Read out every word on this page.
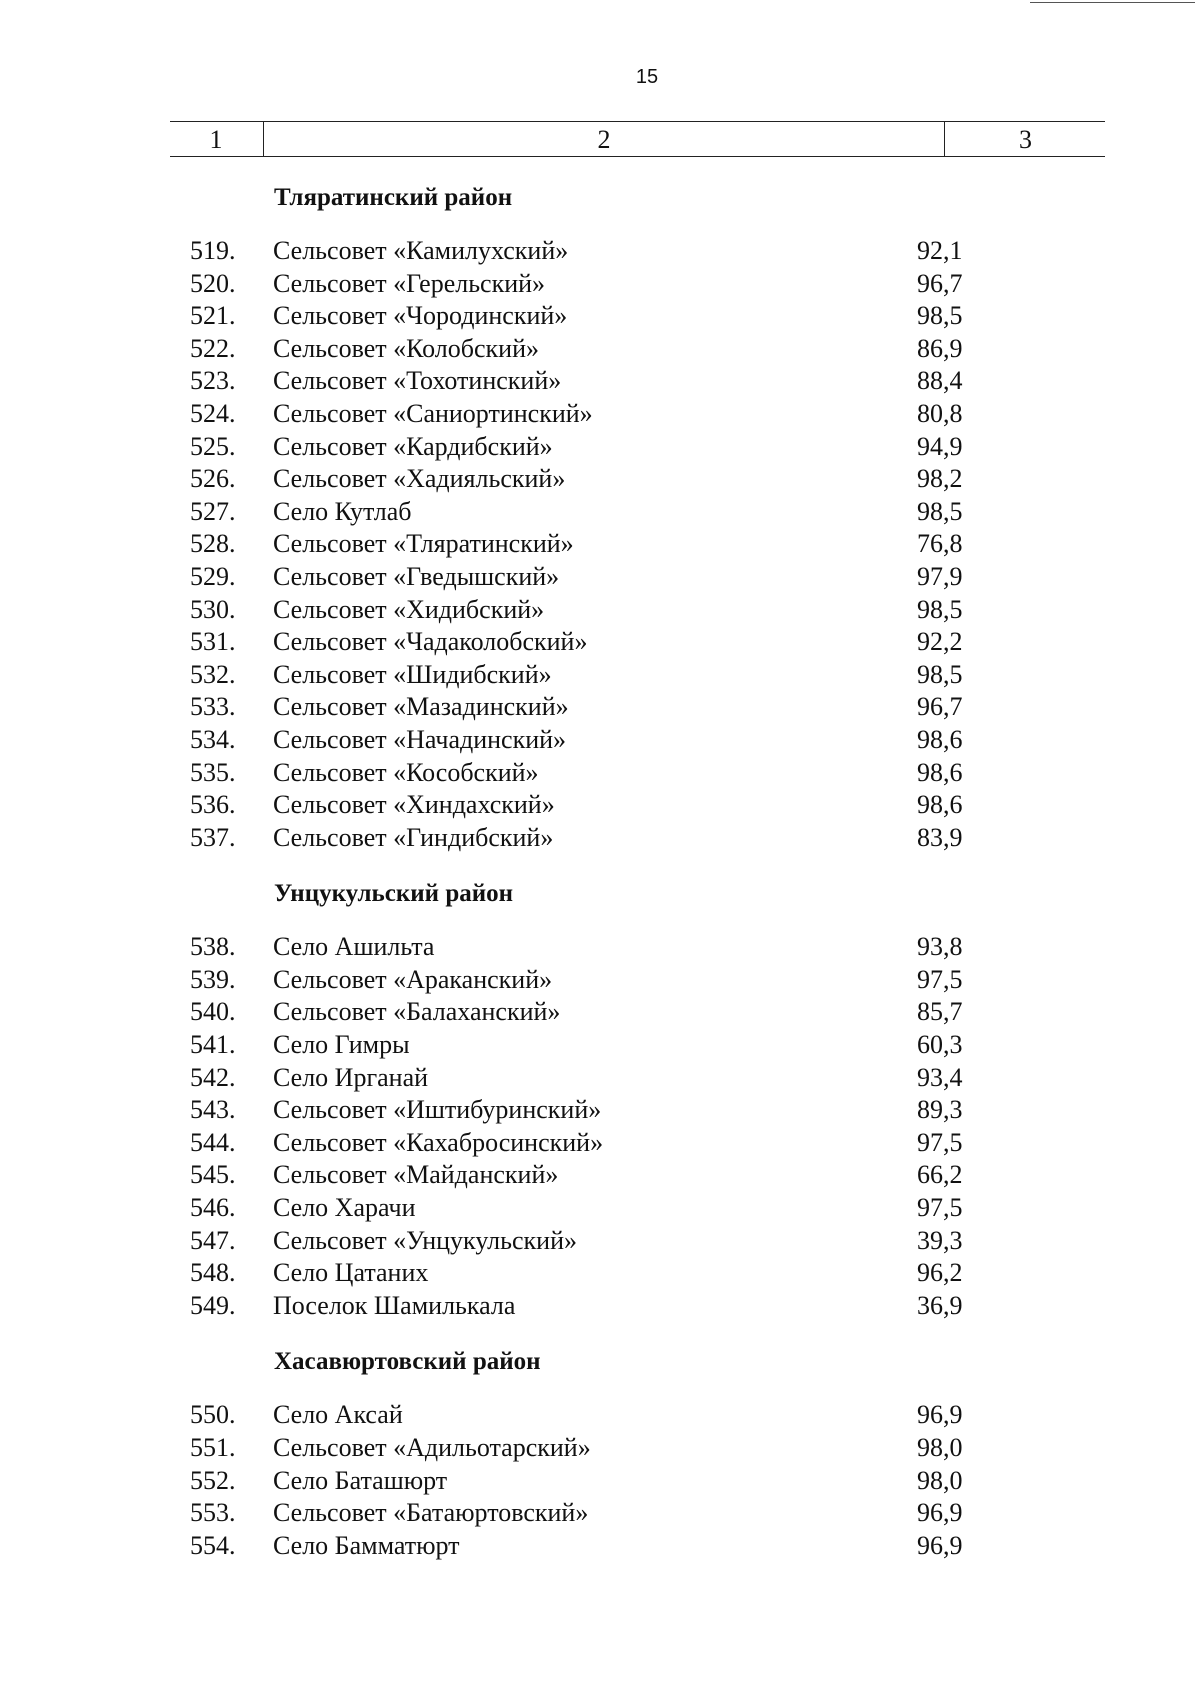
15
1	2	3
Тляратинский район
519. Сельсовет «Камилухский»	92,1
520. Сельсовет «Герельский»	96,7
521. Сельсовет «Чородинский»	98,5
522. Сельсовет «Колобский»	86,9
523. Сельсовет «Тохотинский»	88,4
524. Сельсовет «Саниортинский»	80,8
525. Сельсовет «Кардибский»	94,9
526. Сельсовет «Хадияльский»	98,2
527. Село Кутлаб	98,5
528. Сельсовет «Тляратинский»	76,8
529. Сельсовет «Гведышский»	97,9
530. Сельсовет «Хидибский»	98,5
531. Сельсовет «Чадаколобский»	92,2
532. Сельсовет «Шидибский»	98,5
533. Сельсовет «Мазадинский»	96,7
534. Сельсовет «Начадинский»	98,6
535. Сельсовет «Кособский»	98,6
536. Сельсовет «Хиндахский»	98,6
537. Сельсовет «Гиндибский»	83,9
Унцукульский район
538. Село Ашильта	93,8
539. Сельсовет «Араканский»	97,5
540. Сельсовет «Балаханский»	85,7
541. Село Гимры	60,3
542. Село Ирганай	93,4
543. Сельсовет «Иштибуринский»	89,3
544. Сельсовет «Кахабросинский»	97,5
545. Сельсовет «Майданский»	66,2
546. Село Харачи	97,5
547. Сельсовет «Унцукульский»	39,3
548. Село Цатаних	96,2
549. Поселок Шамилькала	36,9
Хасавюртовский район
550. Село Аксай	96,9
551. Сельсовет «Адильотарский»	98,0
552. Село Баташюрт	98,0
553. Сельсовет «Батаюртовский»	96,9
554. Село Бамматюрт	96,9
